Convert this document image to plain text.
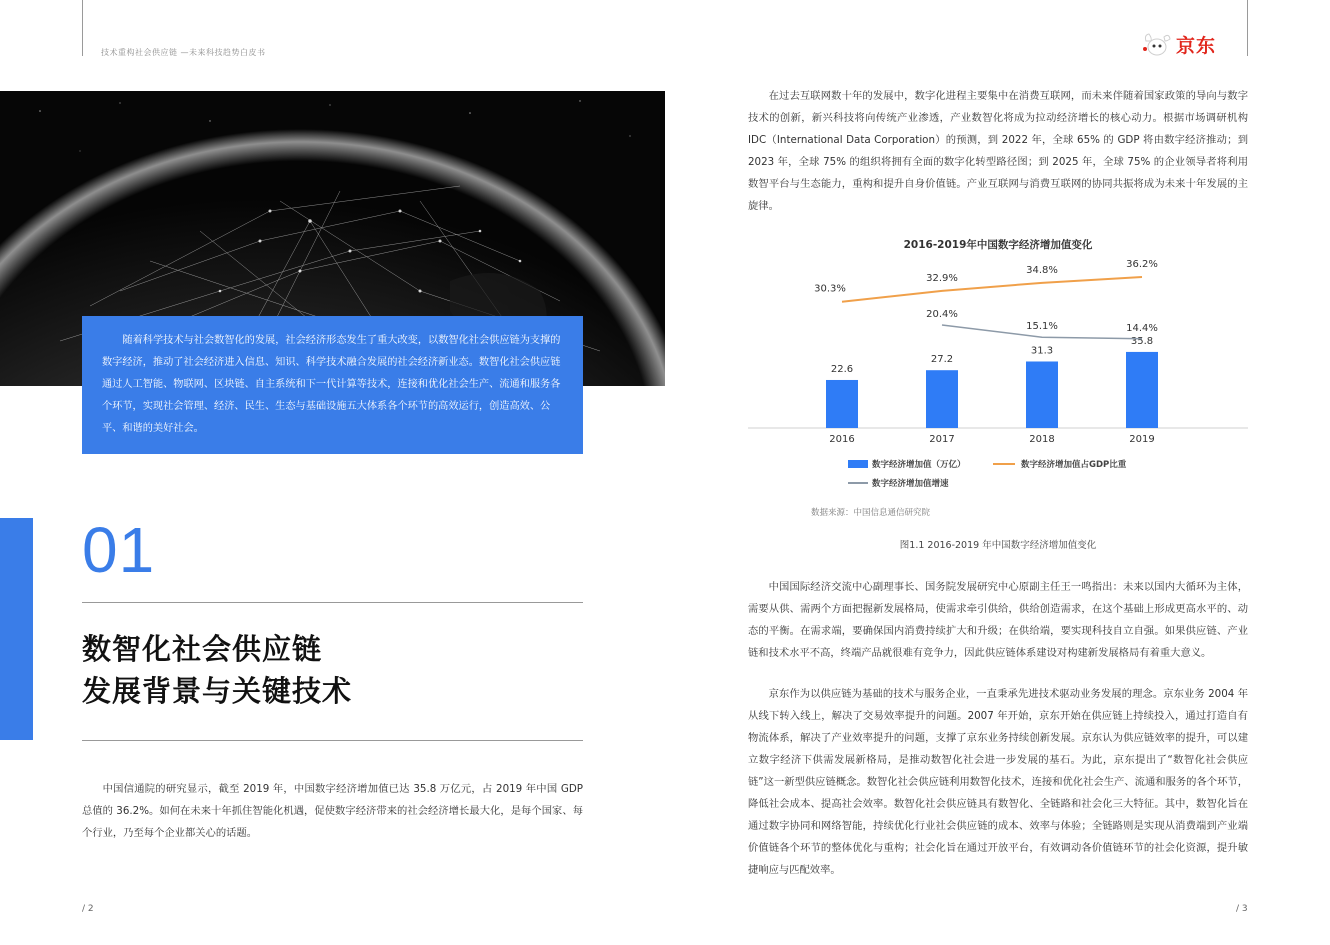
技术重构社会供应链 —未来科技趋势白皮书	京东

随着科学技术与社会数智化的发展，社会经济形态发生了重大改变，以数智化社会供应链为支撑的数字经济，推动了社会经济进入信息、知识、科学技术融合发展的社会经济新业态。数智化社会供应链通过人工智能、物联网、区块链、自主系统和下一代计算等技术，连接和优化社会生产、流通和服务各个环节，实现社会管理、经济、民生、生态与基础设施五大体系各个环节的高效运行，创造高效、公平、和谐的美好社会。

01
数智化社会供应链
发展背景与关键技术

中国信通院的研究显示，截至 2019 年，中国数字经济增加值已达 35.8 万亿元，占 2019 年中国 GDP 总值的 36.2%。如何在未来十年抓住智能化机遇，促使数字经济带来的社会经济增长最大化，是每个国家、每个行业，乃至每个企业都关心的话题。

/ 2

在过去互联网数十年的发展中，数字化进程主要集中在消费互联网，而未来伴随着国家政策的导向与数字技术的创新，新兴科技将向传统产业渗透，产业数智化将成为拉动经济增长的核心动力。根据市场调研机构 IDC（International Data Corporation）的预测，到 2022 年，全球 65% 的 GDP 将由数字经济推动；到 2023 年，全球 75% 的组织将拥有全面的数字化转型路径图；到 2025 年，全球 75% 的企业领导者将利用数智平台与生态能力，重构和提升自身价值链。产业互联网与消费互联网的协同共振将成为未来十年发展的主旋律。

2016-2019年中国数字经济增加值变化
22.6
27.2
31.3
35.8
2016	2017	2018	2019
30.3%
32.9%
34.8%
36.2%
20.4%
15.1%	14.4%
数字经济增加值（万亿）	数字经济增加值占GDP比重
数字经济增加值增速
数据来源：中国信息通信研究院
图1.1 2016-2019 年中国数字经济增加值变化

中国国际经济交流中心副理事长、国务院发展研究中心原副主任王一鸣指出：未来以国内大循环为主体，需要从供、需两个方面把握新发展格局，使需求牵引供给，供给创造需求，在这个基础上形成更高水平的、动态的平衡。在需求端，要确保国内消费持续扩大和升级；在供给端，要实现科技自立自强。如果供应链、产业链和技术水平不高，终端产品就很难有竞争力，因此供应链体系建设对构建新发展格局有着重大意义。

京东作为以供应链为基础的技术与服务企业，一直秉承先进技术驱动业务发展的理念。京东业务 2004 年从线下转入线上，解决了交易效率提升的问题。2007 年开始，京东开始在供应链上持续投入，通过打造自有物流体系，解决了产业效率提升的问题，支撑了京东业务持续创新发展。京东认为供应链效率的提升，可以建立数字经济下供需发展新格局，是推动数智化社会进一步发展的基石。为此，京东提出了“数智化社会供应链”这一新型供应链概念。数智化社会供应链利用数智化技术，连接和优化社会生产、流通和服务的各个环节，降低社会成本、提高社会效率。数智化社会供应链具有数智化、全链路和社会化三大特征。其中，数智化旨在通过数字协同和网络智能，持续优化行业社会供应链的成本、效率与体验；全链路则是实现从消费端到产业端价值链各个环节的整体优化与重构；社会化旨在通过开放平台，有效调动各价值链环节的社会化资源，提升敏捷响应与匹配效率。

/ 3
